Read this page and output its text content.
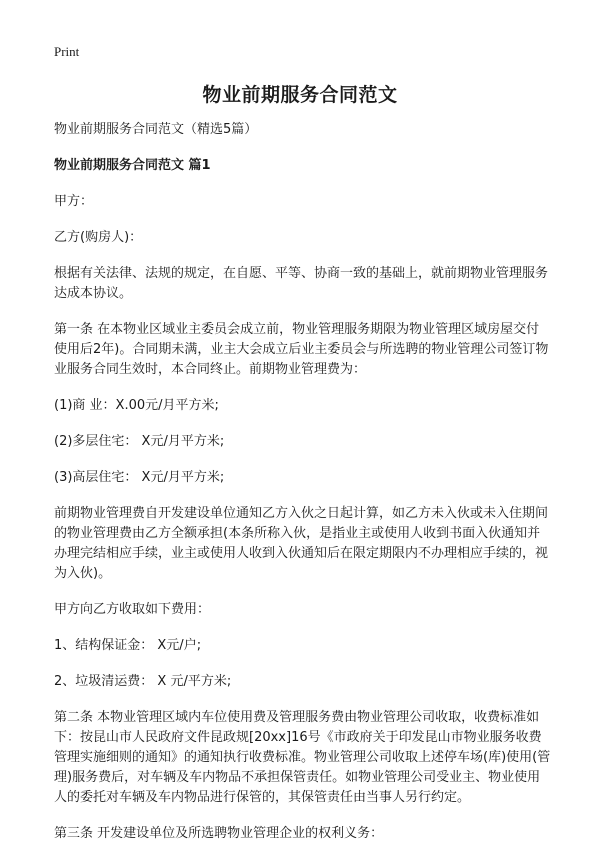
Print
物业前期服务合同范文

物业前期服务合同范文（精选5篇）

物业前期服务合同范文 篇1

甲方：

乙方(购房人)：

根据有关法律、法规的规定，在自愿、平等、协商一致的基础上，就前期物业管理服务达成本协议。

第一条 在本物业区域业主委员会成立前，物业管理服务期限为物业管理区域房屋交付使用后2年)。合同期未满，业主大会成立后业主委员会与所选聘的物业管理公司签订物业服务合同生效时，本合同终止。前期物业管理费为：

(1)商 业：X.00元/月平方米;

(2)多层住宅： X元/月平方米;

(3)高层住宅： X元/月平方米;

前期物业管理费自开发建设单位通知乙方入伙之日起计算，如乙方未入伙或未入住期间的物业管理费由乙方全额承担(本条所称入伙，是指业主或使用人收到书面入伙通知并办理完结相应手续，业主或使用人收到入伙通知后在限定期限内不办理相应手续的，视为入伙)。

甲方向乙方收取如下费用：

1、结构保证金： X元/户;

2、垃圾清运费： X 元/平方米;

第二条 本物业管理区域内车位使用费及管理服务费由物业管理公司收取，收费标准如下：按昆山市人民政府文件昆政规[20xx]16号《市政府关于印发昆山市物业服务收费管理实施细则的通知》的通知执行收费标准。物业管理公司收取上述停车场(库)使用(管理)服务费后，对车辆及车内物品不承担保管责任。如物业管理公司受业主、物业使用人的委托对车辆及车内物品进行保管的，其保管责任由当事人另行约定。

第三条 开发建设单位及所选聘物业管理企业的权利义务：
